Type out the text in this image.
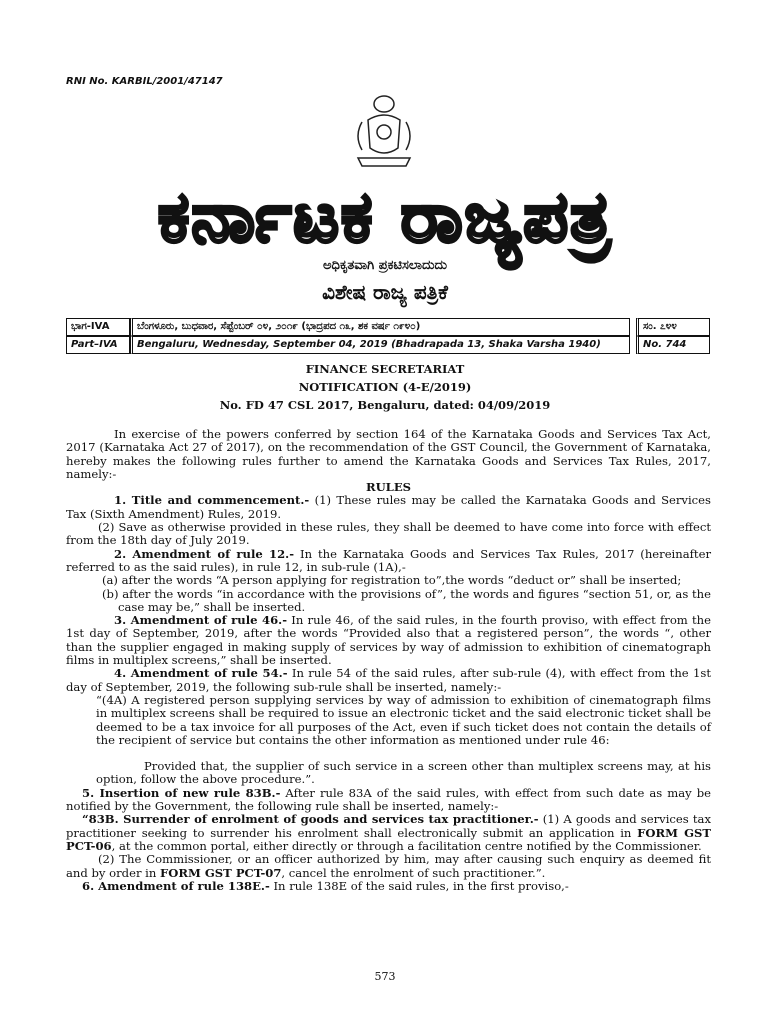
RNI No. KARBIL/2001/47147
ಕರ್ನಾಟಕ ರಾಜ್ಯಪತ್ರ
ಅಧಿಕೃತವಾಗಿ ಪ್ರಕಟಿಸಲಾದುದು
ವಿಶೇಷ ರಾಜ್ಯ ಪತ್ರಿಕೆ
ಭಾಗ-IVA	ಬೆಂಗಳೂರು, ಬುಧವಾರ, ಸೆಪ್ಟೆಂಬರ್ ೦೪, ೨೦೧೯ (ಭಾದ್ರಪದ ೧೩, ಶಕ ವರ್ಷ ೧೯೪೦)	ಸಂ. ೭೪೪
Part–IVA	Bengaluru, Wednesday, September 04, 2019 (Bhadrapada 13, Shaka Varsha 1940)	No. 744
FINANCE SECRETARIAT
NOTIFICATION (4-E/2019)
No. FD 47 CSL 2017, Bengaluru, dated: 04/09/2019

In exercise of the powers conferred by section 164 of the Karnataka Goods and Services Tax Act, 2017 (Karnataka Act 27 of 2017), on the recommendation of the GST Council, the Government of Karnataka, hereby makes the following rules further to amend the Karnataka Goods and Services Tax Rules, 2017, namely:-

RULES

1. Title and commencement.- (1) These rules may be called the Karnataka Goods and Services Tax (Sixth Amendment) Rules, 2019.

(2) Save as otherwise provided in these rules, they shall be deemed to have come into force with effect from the 18th day of July 2019.

2. Amendment of rule 12.- In the Karnataka Goods and Services Tax Rules, 2017 (hereinafter referred to as the said rules), in rule 12, in sub-rule (1A),-

(a) after the words “A person applying for registration to”,the words “deduct or” shall be inserted;

(b) after the words “in accordance with the provisions of”, the words and figures “section 51, or, as the case may be,” shall be inserted.

3. Amendment of rule 46.- In rule 46, of the said rules, in the fourth proviso, with effect from the 1st day of September, 2019, after the words “Provided also that a registered person”, the words “, other than the supplier engaged in making supply of services by way of admission to exhibition of cinematograph films in multiplex screens,” shall be inserted.

4. Amendment of rule 54.- In rule 54 of the said rules, after sub-rule (4), with effect from the 1st day of September, 2019, the following sub-rule shall be inserted, namely:-

“(4A) A registered person supplying services by way of admission to exhibition of cinematograph films in multiplex screens shall be required to issue an electronic ticket and the said electronic ticket shall be deemed to be a tax invoice for all purposes of the Act, even if such ticket does not contain the details of the recipient of service but contains the other information as mentioned under rule 46:

Provided that, the supplier of such service in a screen other than multiplex screens may, at his option, follow the above procedure.”.

5. Insertion of new rule 83B.- After rule 83A of the said rules, with effect from such date as may be notified by the Government, the following rule shall be inserted, namely:-

“83B. Surrender of enrolment of goods and services tax practitioner.- (1) A goods and services tax practitioner seeking to surrender his enrolment shall electronically submit an application in FORM GST PCT-06, at the common portal, either directly or through a facilitation centre notified by the Commissioner.

(2) The Commissioner, or an officer authorized by him, may after causing such enquiry as deemed fit and by order in FORM GST PCT-07, cancel the enrolment of such practitioner.”.

6. Amendment of rule 138E.- In rule 138E of the said rules, in the first proviso,-

573
